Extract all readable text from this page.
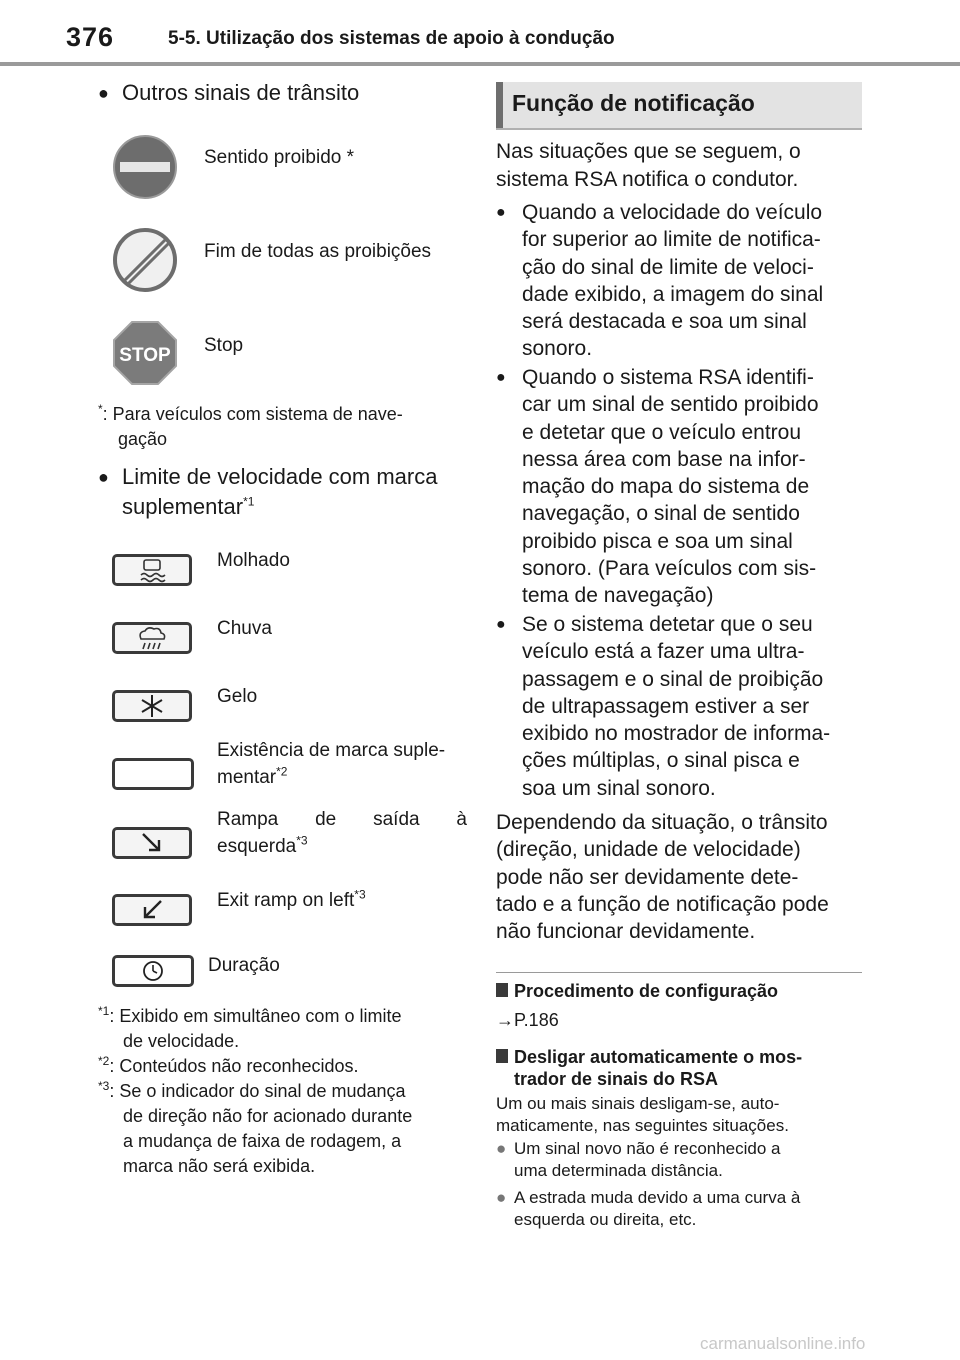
376	5-5. Utilização dos sistemas de apoio à condução
● Outros sinais de trânsito
Sentido proibido *
Fim de todas as proibições
STOP Stop
*: Para veículos com sistema de nave-
gação
● Limite de velocidade com marca
suplementar$^{*1}$
Molhado
Chuva
Gelo
Existência de marca suple-
mentar$^{*2}$
Rampa de saída à
esquerda$^{*3}$
Exit ramp on left$^{*3}$
Duração
$^{*1}$: Exibido em simultâneo com o limite
de velocidade.
$^{*2}$: Conteúdos não reconhecidos.
$^{*3}$: Se o indicador do sinal de mudança
de direção não for acionado durante
a mudança de faixa de rodagem, a
marca não será exibida.
Função de notificação
Nas situações que se seguem, o
sistema RSA notifica o condutor.
● Quando a velocidade do veículo
for superior ao limite de notifica-
ção do sinal de limite de veloci-
dade exibido, a imagem do sinal
será destacada e soa um sinal
sonoro.
● Quando o sistema RSA identifi-
car um sinal de sentido proibido
e detetar que o veículo entrou
nessa área com base na infor-
mação do mapa do sistema de
navegação, o sinal de sentido
proibido pisca e soa um sinal
sonoro. (Para veículos com sis-
tema de navegação)
● Se o sistema detetar que o seu
veículo está a fazer uma ultra-
passagem e o sinal de proibição
de ultrapassagem estiver a ser
exibido no mostrador de informa-
ções múltiplas, o sinal pisca e
soa um sinal sonoro.
Dependendo da situação, o trânsito
(direção, unidade de velocidade)
pode não ser devidamente dete-
tado e a função de notificação pode
não funcionar devidamente.
Procedimento de configuração
→P.186
Desligar automaticamente o mos-
trador de sinais do RSA
Um ou mais sinais desligam-se, auto-
maticamente, nas seguintes situações.
● Um sinal novo não é reconhecido a
uma determinada distância.
● A estrada muda devido a uma curva à
esquerda ou direita, etc.
carmanualsonline.info
